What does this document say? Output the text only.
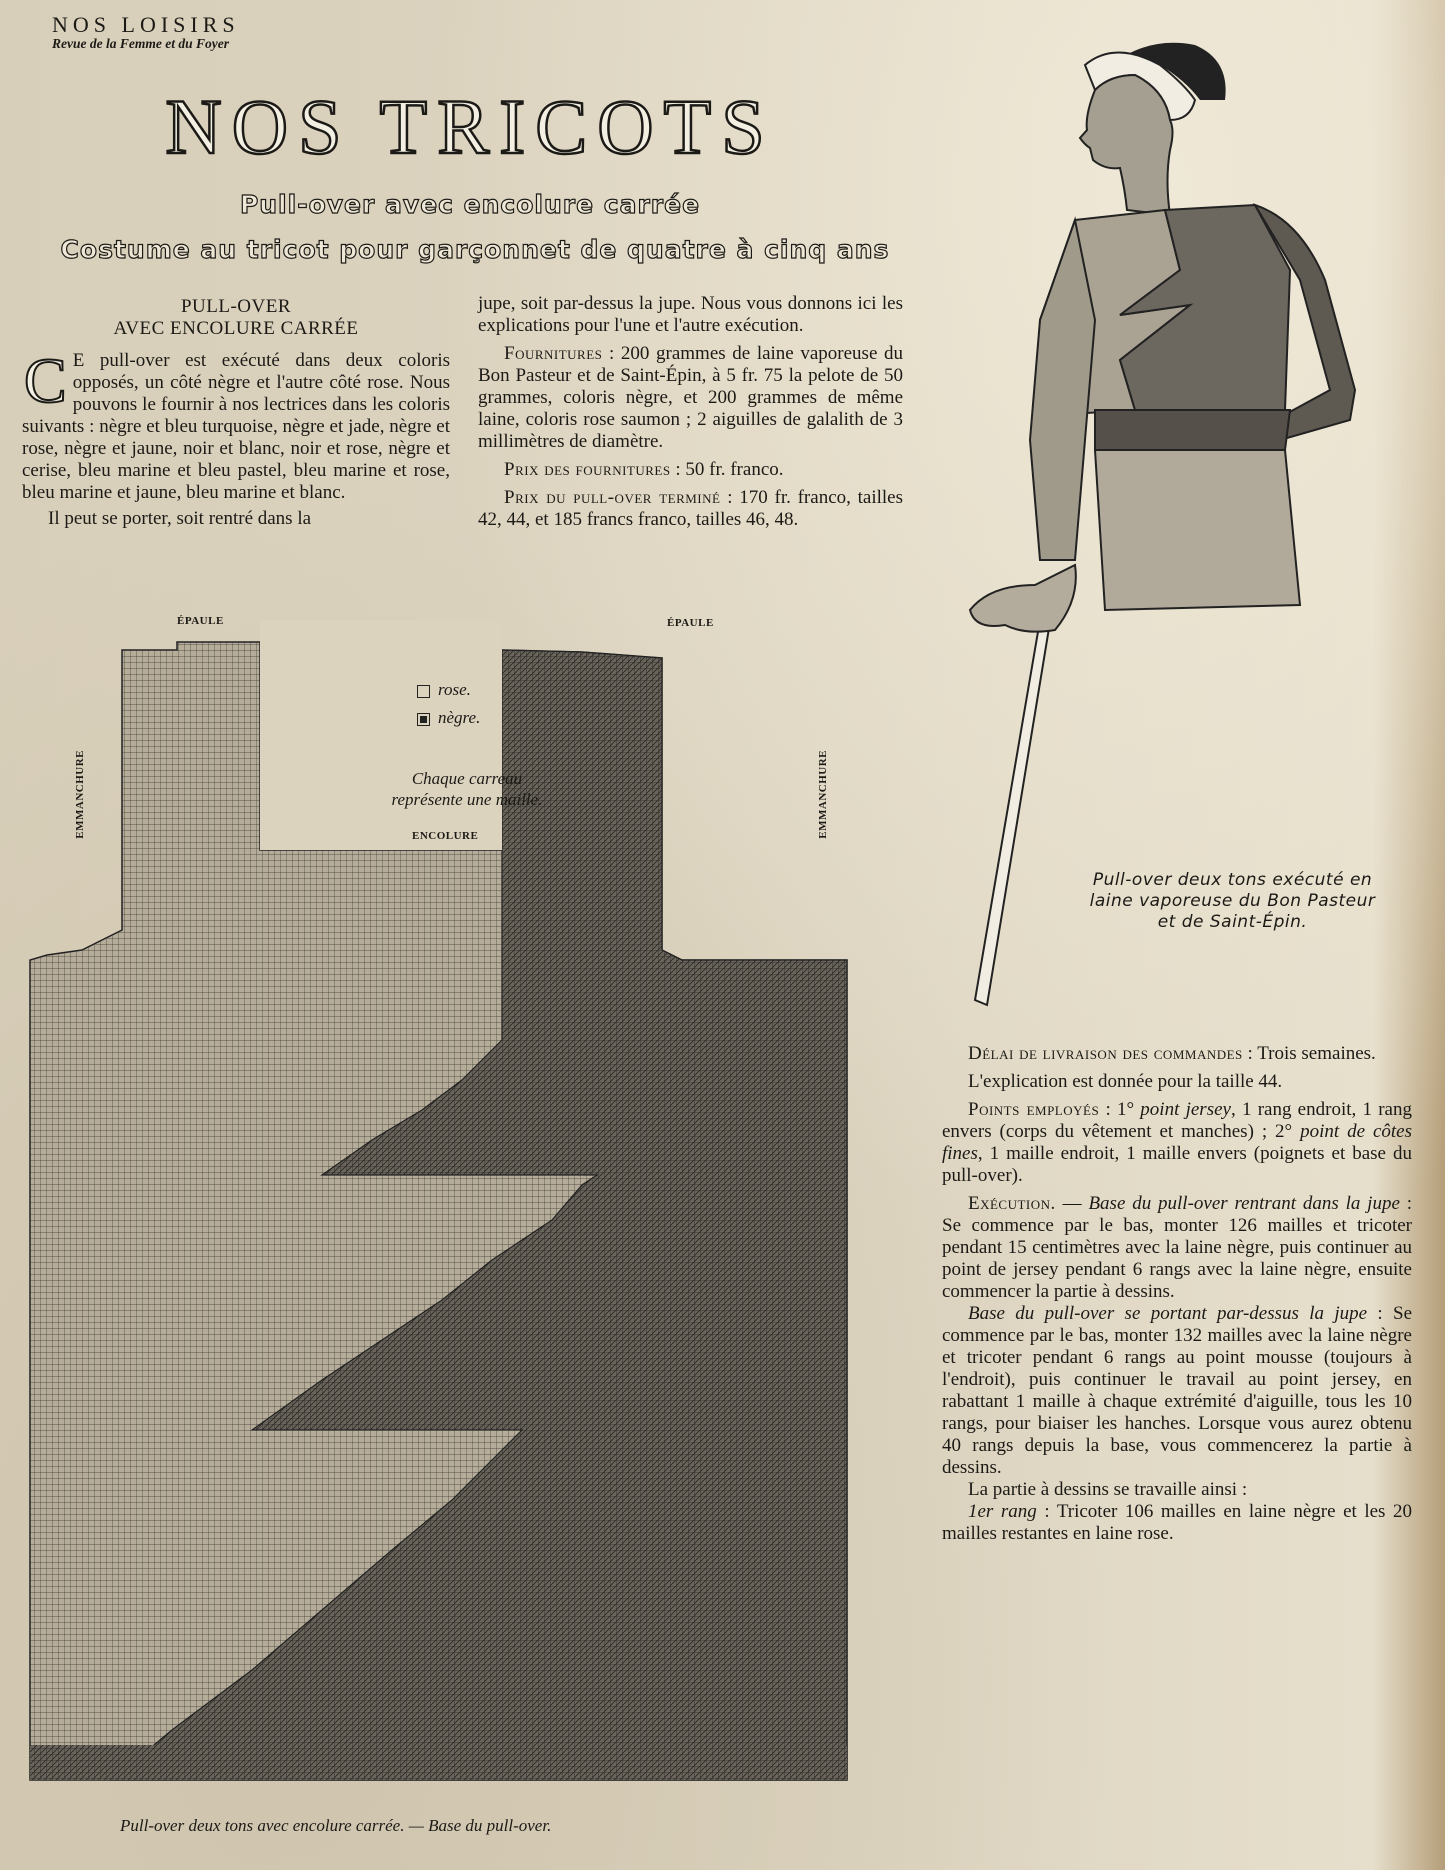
NOS LOISIRS
Revue de la Femme et du Foyer
NOS TRICOTS
Pull-over avec encolure carrée
Costume au tricot pour garçonnet de quatre à cinq ans
PULL-OVER
AVEC ENCOLURE CARRÉE

C E pull-over est exécuté dans deux coloris opposés, un côté nègre et l'autre côté rose. Nous pouvons le fournir à nos lectrices dans les coloris suivants : nègre et bleu turquoise, nègre et jade, nègre et rose, nègre et jaune, noir et blanc, noir et rose, nègre et cerise, bleu marine et bleu pastel, bleu marine et rose, bleu marine et jaune, bleu marine et blanc.

Il peut se porter, soit rentré dans la

jupe, soit par-dessus la jupe. Nous vous donnons ici les explications pour l'une et l'autre exécution.

Fournitures : 200 grammes de laine vaporeuse du Bon Pasteur et de Saint-Épin, à 5 fr. 75 la pelote de 50 grammes, coloris nègre, et 200 grammes de même laine, coloris rose saumon ; 2 aiguilles de galalith de 3 millimètres de diamètre.

Prix des fournitures : 50 fr. franco.

Prix du pull-over terminé : 170 fr. franco, tailles 42, 44, et 185 francs franco, tailles 46, 48.

ÉPAULE	ÉPAULE
EMMANCHURE	EMMANCHURE
ENCOLURE
rose.
nègre.
Chaque carreau
représente une maille.
Pull-over deux tons avec encolure carrée. — Base du pull-over.
Pull-over deux tons exécuté en
laine vaporeuse du Bon Pasteur
et de Saint-Épin.

Délai de livraison des commandes : Trois semaines.

L'explication est donnée pour la taille 44.

Points employés : 1° point jersey, 1 rang endroit, 1 rang envers (corps du vêtement et manches) ; 2° point de côtes fines, 1 maille endroit, 1 maille envers (poignets et base du pull-over).

Exécution. — Base du pull-over rentrant dans la jupe : Se commence par le bas, monter 126 mailles et tricoter pendant 15 centimètres avec la laine nègre, puis continuer au point de jersey pendant 6 rangs avec la laine nègre, ensuite commencer la partie à dessins.

Base du pull-over se portant par-dessus la jupe : Se commence par le bas, monter 132 mailles avec la laine nègre et tricoter pendant 6 rangs au point mousse (toujours à l'endroit), puis continuer le travail au point jersey, en rabattant 1 maille à chaque extrémité d'aiguille, tous les 10 rangs, pour biaiser les hanches. Lorsque vous aurez obtenu 40 rangs depuis la base, vous commencerez la partie à dessins.

La partie à dessins se travaille ainsi :

1er rang : Tricoter 106 mailles en laine nègre et les 20 mailles restantes en laine rose.
